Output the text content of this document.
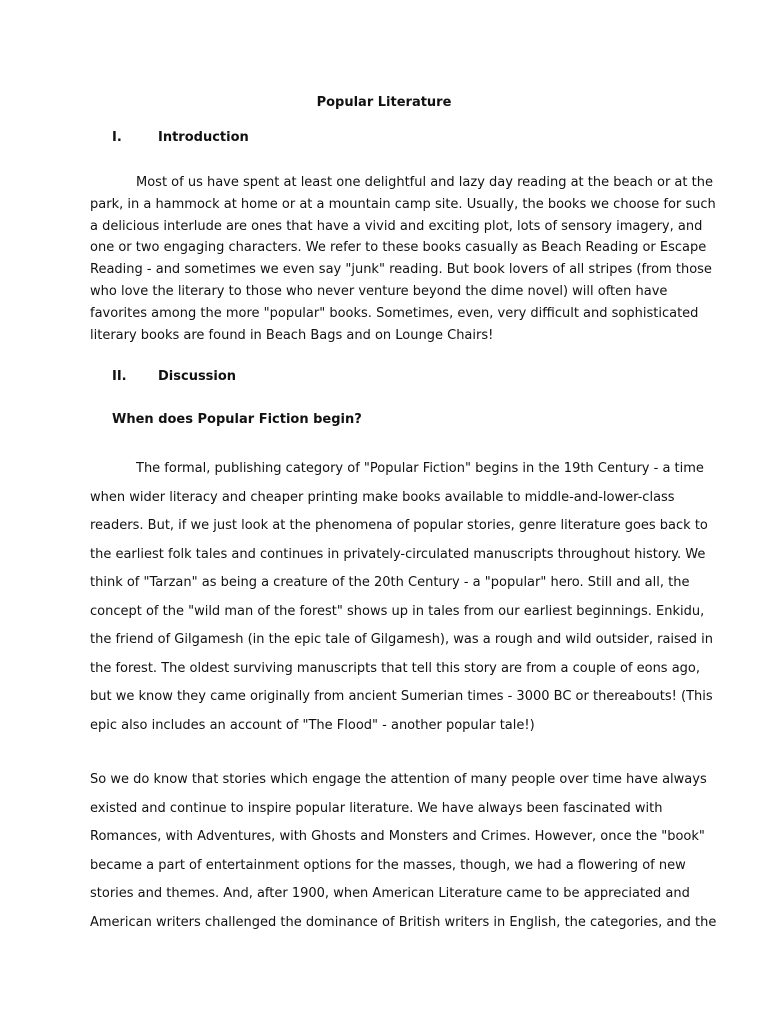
Popular Literature
I.	Introduction

Most of us have spent at least one delightful and lazy day reading at the beach or at the
park, in a hammock at home or at a mountain camp site. Usually, the books we choose for such
a delicious interlude are ones that have a vivid and exciting plot, lots of sensory imagery, and
one or two engaging characters. We refer to these books casually as Beach Reading or Escape
Reading - and sometimes we even say "junk" reading. But book lovers of all stripes (from those
who love the literary to those who never venture beyond the dime novel) will often have
favorites among the more "popular" books. Sometimes, even, very difficult and sophisticated
literary books are found in Beach Bags and on Lounge Chairs!

II. Discussion
When does Popular Fiction begin?

The formal, publishing category of "Popular Fiction" begins in the 19th Century - a time
when wider literacy and cheaper printing make books available to middle-and-lower-class
readers. But, if we just look at the phenomena of popular stories, genre literature goes back to
the earliest folk tales and continues in privately-circulated manuscripts throughout history. We
think of "Tarzan" as being a creature of the 20th Century - a "popular" hero. Still and all, the
concept of the "wild man of the forest" shows up in tales from our earliest beginnings. Enkidu,
the friend of Gilgamesh (in the epic tale of Gilgamesh), was a rough and wild outsider, raised in
the forest. The oldest surviving manuscripts that tell this story are from a couple of eons ago,
but we know they came originally from ancient Sumerian times - 3000 BC or thereabouts! (This
epic also includes an account of "The Flood" - another popular tale!)

So we do know that stories which engage the attention of many people over time have always
existed and continue to inspire popular literature. We have always been fascinated with
Romances, with Adventures, with Ghosts and Monsters and Crimes. However, once the "book"
became a part of entertainment options for the masses, though, we had a flowering of new
stories and themes. And, after 1900, when American Literature came to be appreciated and
American writers challenged the dominance of British writers in English, the categories, and the
